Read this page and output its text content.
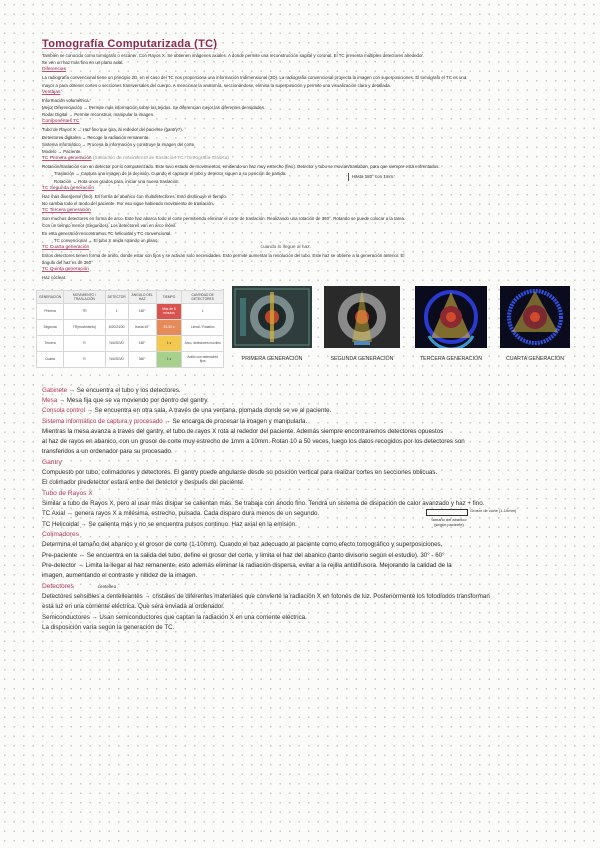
Tomografía Computarizada (TC)
También se conocido como tomógrafo o escáner. Con Rayos X. Se obtienen imágenes axiales. A donde permite una reconstrucción sagital y coronal. El TC presenta múltiples detectores alrededor.
Se ven un haz más fino en un plano axial.
Diferencias
La radiografía convencional tiene un principio 2D, en el caso del TC nos proporciona una información tridimensional (3D). La radiografía convencional proyecta la imagen con superposiciones. El tomógrafo el TC es una
mayor a para obtener cortes o secciones transversales del cuerpo. A mencionar la anatomía, seccionándose, elimina la superposición y permite una visualización clara y detallada.
Ventajas
Información volumétrica.
Mejor Diferenciación → Permite más información sobre los tejidos. Se diferencian mejor las diferentes densidades.
Rodar Digital → Permite reconstruir, manipular la imagen.
Componentes TC
Tubo de Rayos X → Haz fino que gira, al rededor del paciente (gantry?).
Detectores digitales → Recoge la radiación remanente.
Sistema informático → Procesa la información y construye la imagen del corte.
Modelo → Paciente.
TC Primera generación (traslación de movimiento de traslación TC. Tomografía Clásica)
Rotación/traslación con un detector por lo computerizado. Este tuvo estado de movimientos, emitiendo un haz muy estrecho (fino). Detector y tubo se movían/traslaban, para que siempre está enfrentados.
Traslación → Captura una imagen de la decisión. Cuando el capturar el tubo y detector siguen a su posición de partida.
Rotación → Rota unos grados para, iniciar una nueva traslación.
Hasta 180° con 1mm.
TC Segunda generación
Haz más divergente (fino). En forma de abanico con multidetectores. Esto disminuye el tiempo.
No cambia todo el modo del paciente. Por eso sigue habiendo movimiento de traslación.
TC Tercera generación
Son muchos detectores en forma de arco. Este haz abarca todo el corte permitiendo eliminar el corte de traslación. Realizando una rotación de 360°. Rotando se puede colocar a la tarea.
Con un tiempo menor (Segundos). Los detectores van en arco móvil.
En esta generación encontramos TC helicoidal y TC convencional.
TC convencional → El tubo X anida rotando un plano.
TC Cuarta generación	cuando lo llegue al haz.
Estos detectores tienen forma de anillo, donde estar son fijos y se activan solo necesidades. Esto permite aumentar la resolución del tubo. Este haz se obtiene a la generación anterior. El
ángulo del haz es de 360°
TC Quinta generación
Haz cóclear.
GENERACIÓN	MOVIMIENTO / TRASLACIÓN	DETECTOR	ÁNGULO DEL HAZ	TIEMPO	CANTIDAD DE DETECTORES
Primera	TR	1	180°	Más de 5 minutos	1
Segunda	TR(movimiento)	8/20/24/30	Hasta 40°	20-30 s	Lineal / Rotativo
Tercera	R	N/A/SG/D	180°	1 s	Arco, detectores móviles
Cuarta	R	N/A/SG/D	360°	1 s	Anillo con detectores fijos	PRIMERA GENERACIÓN	SEGUNDA GENERACIÓN	TERCERA GENERACIÓN	CUARTA GENERACIÓN
Gabinete → Se encuentra el tubo y los detectores.
Mesa → Mesa fija que se va moviendo por dentro del gantry.
Consola control → Se encuentra en otra sala. A través de una ventana, plomada donde se ve al paciente.
Sistema informático de captura y procesado → Se encarga de procesar la imagen y manipularla.
Mientras la mesa avanza a través del gantry, el tubo de rayos X rota al rededor del paciente. Además siempre encontraremos detectores opuestos
al haz de rayos en abanico, con un grosor de corte muy estrecho de 1mm a 10mm. Rotan 10 a 50 veces, luego los datos recogidos por los detectores son
transferidos a un ordenador para su procesado.
Gantry
Compuesto por tubo, colimadores y detectores. El gantry puede angularse desde su posición vertical para realizar cortes en secciones oblicuas.
El colimador predetector estará entre del detector y después del paciente.
Tubo de Rayos X
Similar a tubo de Rayos X, pero al usar más disipar se calientan más. Se trabaja con ánodo fino. Tendrá un sistema de disipación de calor avanzado y haz + fino.
TC Axial → genera rayos X a milésima, estrecho, pulsada. Cada disparo dura menos de un segundo.
TC Helicoidal → Se calienta más y no se encuentra pulsos continuo. Haz axial en la emisión.
Grosor de corte (1-10mm)
tamaño del abanico (según paciente)
Colimadores
Determina el tamaño del abanico y el grosor de corte (1-10mm). Cuando el haz adecuado al paciente como efecto tomográfico y superposiciones.
Pre-paciente → Se encuentra en la salida del tubo, define el grosor del corte, y limita el haz del abanico (tanto divisorio según el estudio). 30° - 60°
Pre-detector → Limita la llegar al haz remanente, esto además eliminar la radiación dispersa, evitar a la rejilla antidifusora. Mejorando la calidad de la
imagen, aumentando el contraste y nitidez de la imagen.
Detectores	centelleo
Detectores sensibles a centelleantes → cristales de diferentes materiales que convierte la radiación X en fotones de luz. Posteriormente los fotodiodos transforman
esta luz en una corriente eléctrica. Que será enviada al ordenador.
Semiconductores → Usan semiconductores que captan la radiación X en una corriente eléctrica.
La disposición varía según la generación de TC.
